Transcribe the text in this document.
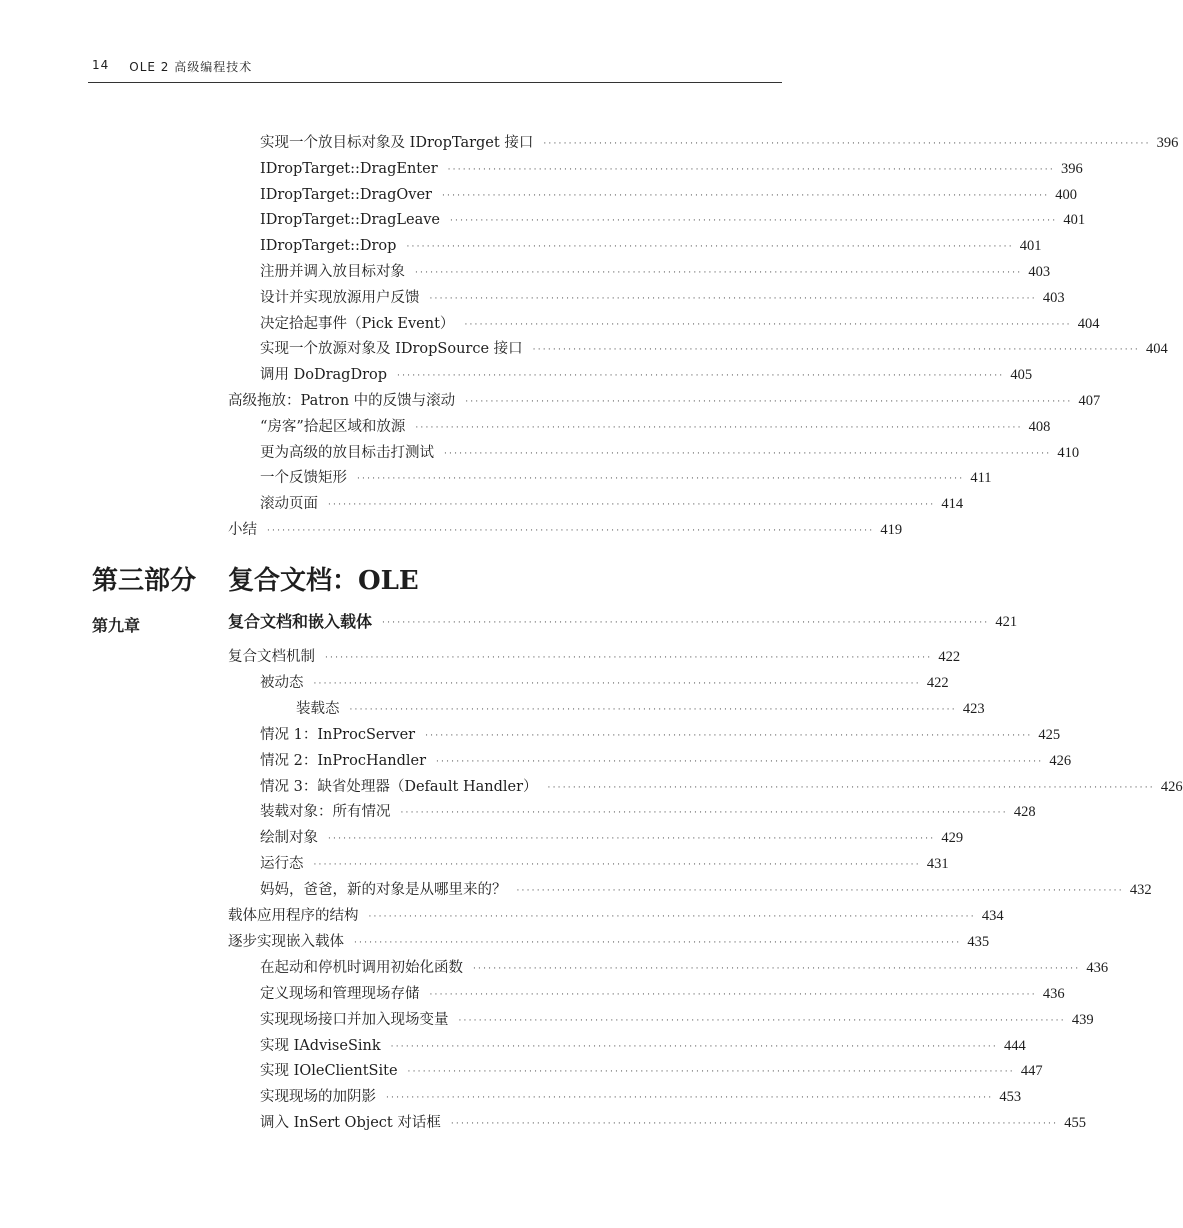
14 OLE 2 高级编程技术
实现一个放目标对象及 IDropTarget 接口 ························································································································ 396
IDropTarget::DragEnter ························································································································ 396
IDropTarget::DragOver ························································································································ 400
IDropTarget::DragLeave ························································································································ 401
IDropTarget::Drop ························································································································ 401
注册并调入放目标对象 ························································································································ 403
设计并实现放源用户反馈 ························································································································ 403
决定拾起事件（Pick Event） ························································································································ 404
实现一个放源对象及 IDropSource 接口 ························································································································ 404
调用 DoDragDrop ························································································································ 405
高级拖放：Patron 中的反馈与滚动 ························································································································ 407
“房客”拾起区域和放源 ························································································································ 408
更为高级的放目标击打测试 ························································································································ 410
一个反馈矩形 ························································································································ 411
滚动页面 ························································································································ 414
小结 ························································································································ 419
第三部分	复合文档：OLE
第九章	复合文档和嵌入载体 ························································································································ 421
复合文档机制 ························································································································ 422
被动态 ························································································································ 422
装载态 ························································································································ 423
情况 1：InProcServer ························································································································ 425
情况 2：InProcHandler ························································································································ 426
情况 3：缺省处理器（Default Handler） ························································································································ 426
装载对象：所有情况 ························································································································ 428
绘制对象 ························································································································ 429
运行态 ························································································································ 431
妈妈，爸爸，新的对象是从哪里来的？ ························································································································ 432
载体应用程序的结构 ························································································································ 434
逐步实现嵌入载体 ························································································································ 435
在起动和停机时调用初始化函数 ························································································································ 436
定义现场和管理现场存储 ························································································································ 436
实现现场接口并加入现场变量 ························································································································ 439
实现 IAdviseSink ························································································································ 444
实现 IOleClientSite ························································································································ 447
实现现场的加阴影 ························································································································ 453
调入 InSert Object 对话框 ························································································································ 455
